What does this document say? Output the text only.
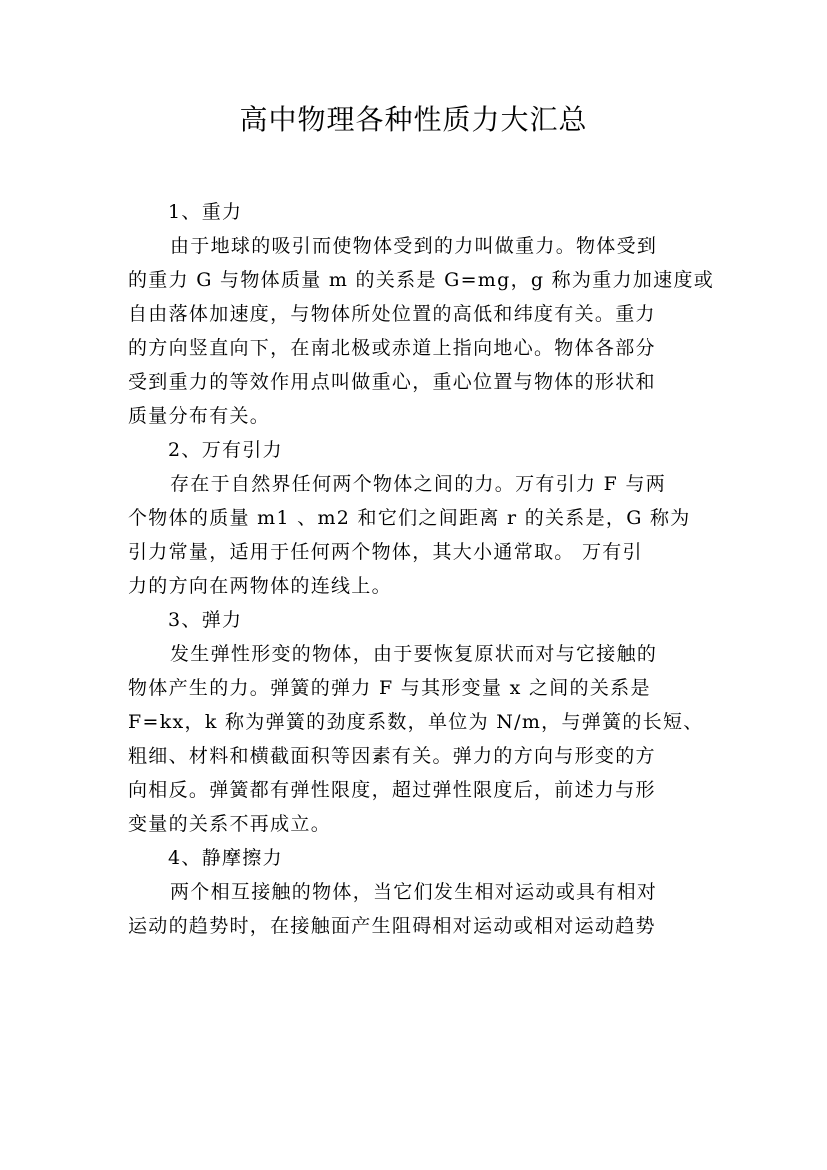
高中物理各种性质力大汇总
1、重力
由于地球的吸引而使物体受到的力叫做重力。物体受到
的重力 G 与物体质量 m 的关系是 G=mg，g 称为重力加速度或
自由落体加速度，与物体所处位置的高低和纬度有关。重力
的方向竖直向下，在南北极或赤道上指向地心。物体各部分
受到重力的等效作用点叫做重心，重心位置与物体的形状和
质量分布有关。
2、万有引力
存在于自然界任何两个物体之间的力。万有引力 F 与两
个物体的质量 m1 、m2 和它们之间距离 r 的关系是，G 称为
引力常量，适用于任何两个物体，其大小通常取。 万有引
力的方向在两物体的连线上。
3、弹力
发生弹性形变的物体，由于要恢复原状而对与它接触的
物体产生的力。弹簧的弹力 F 与其形变量 x 之间的关系是
F=kx，k 称为弹簧的劲度系数，单位为 N/m，与弹簧的长短、
粗细、材料和横截面积等因素有关。弹力的方向与形变的方
向相反。弹簧都有弹性限度，超过弹性限度后，前述力与形
变量的关系不再成立。
4、静摩擦力
两个相互接触的物体，当它们发生相对运动或具有相对
运动的趋势时，在接触面产生阻碍相对运动或相对运动趋势
